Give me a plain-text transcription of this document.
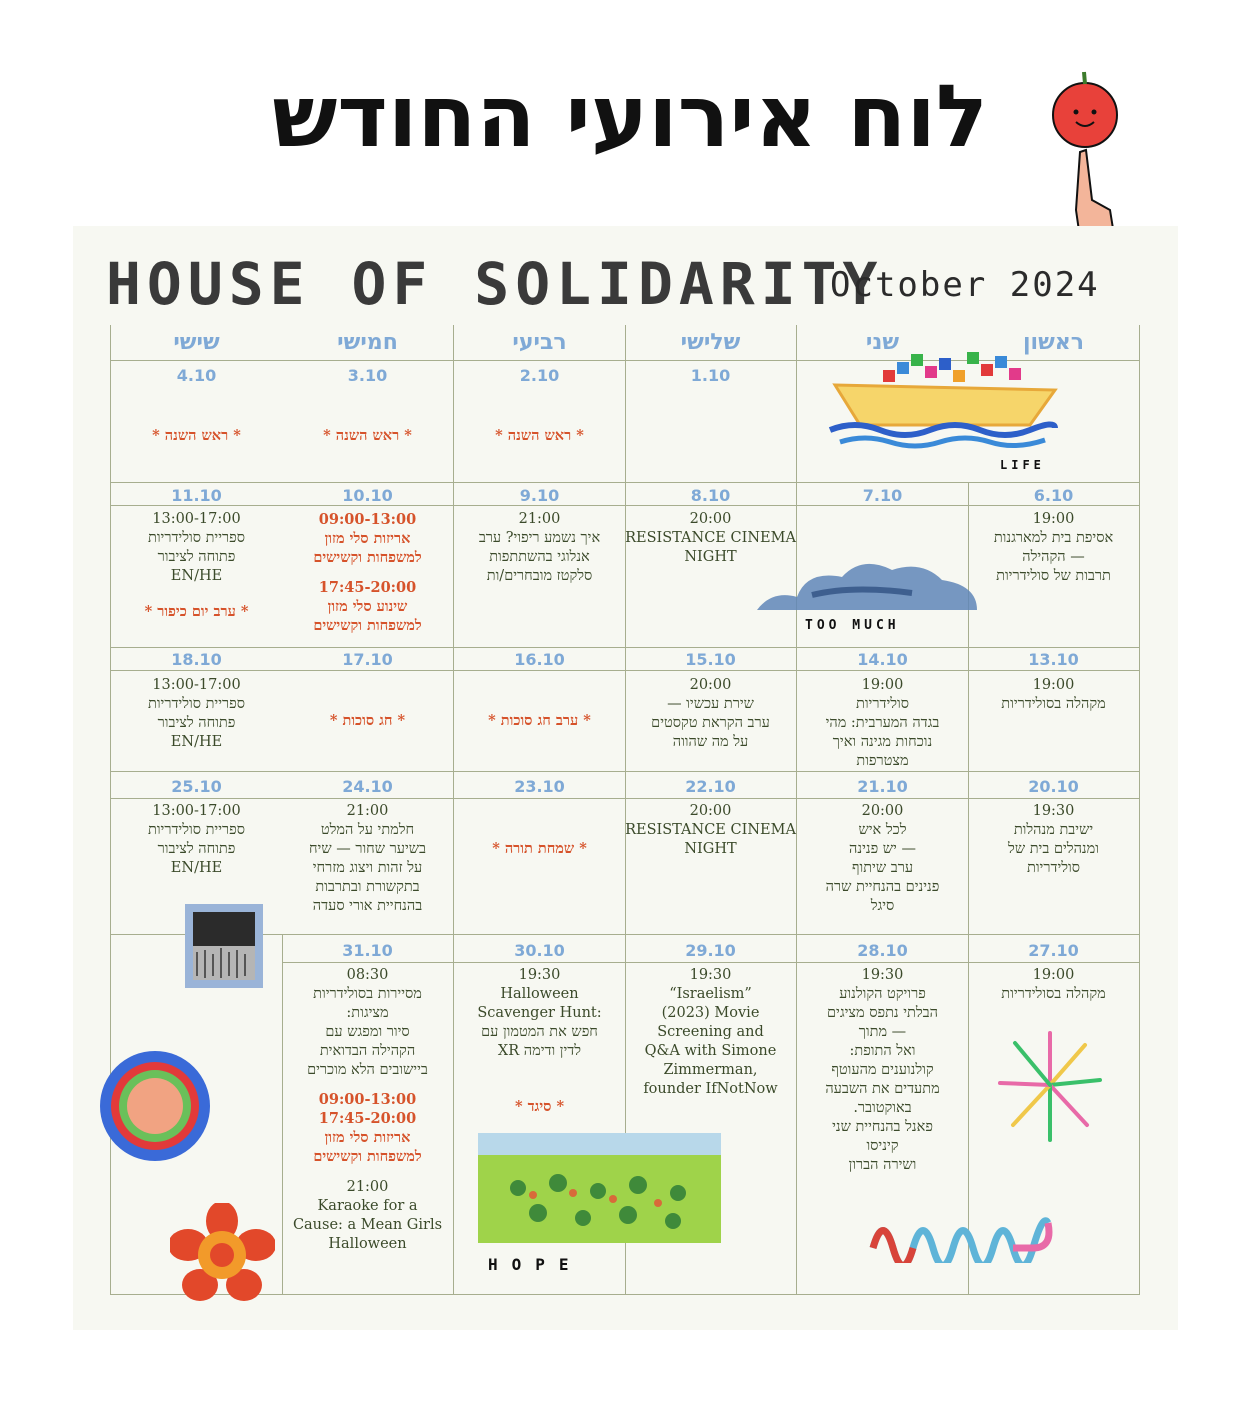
לוח אירועי החודש
HOUSE OF SOLIDARITY
October 2024
ראשון
שני
שלישי
רביעי
חמישי
שישי
1.10
2.10
3.10
4.10
* ראש השנה *
* ראש השנה *
* ראש השנה *
LIFE
6.10
7.10
8.10
9.10
10.10
11.10
19:00
אסיפת בית למארגנות
— הקהילה
תרבות של סולידריות
20:00
RESISTANCE CINEMA
NIGHT
21:00
איך נשמע ריפוי? ערב
אנלוגי בהשתתפות
סלקטז מובחרים/ות
09:00-13:00
אריזות סלי מזון
למשפחות וקשישים
17:45-20:00
שינוע סלי מזון
למשפחות וקשישים
13:00-17:00
ספריית סולידריות
פתוחה לציבור
EN/HE
* ערב יום כיפור *
TOO MUCH
13.10
14.10
15.10
16.10
17.10
18.10
19:00
מקהלה בסולידריות
19:00
סולידריות
בגדה המערבית: מהי
נוכחות מגינה ואיך
מצטרפות
20:00
שירת עכשיו —
ערב הקראת טקסטים
על מה שהווה
* ערב חג סוכות *
* חג סוכות *
13:00-17:00
ספריית סולידריות
פתוחה לציבור
EN/HE
20.10
21.10
22.10
23.10
24.10
25.10
19:30
ישיבת מנהלות
ומנהלים בית של
סולידריות
20:00
לכל איש
— יש פנינה
ערב שיתוף
פנינים בהנחיית שרה
סיגל
20:00
RESISTANCE CINEMA
NIGHT
* שמחת תורה *
21:00
חלמתי על המלט
בשיער שחור — שיח
על זהות ויצוג מזרחי
בתקשורת ובתרבות
בהנחיית אורי סעדה
13:00-17:00
ספריית סולידריות
פתוחה לציבור
EN/HE
27.10
28.10
29.10
30.10
31.10
19:00
מקהלה בסולידריות
19:30
פרויקט הקולנוע
הבלתי נתפס מציגים
— מתוך
ואל התופת:
קולנוענים מהעוטף
מתעדים את השבעה
באוקטובר.
פאנל בהנחיית שני
קיניסו
ושירה הברון
19:30
“Israelism”
(2023) Movie
Screening and
Q&A with Simone
Zimmerman,
founder IfNotNow
19:30
Halloween
Scavenger Hunt:
חפש את המטמון עם
לדין ודימה XR
* סיגד *
08:30
מסיירות בסולידריות
מציגות:
סיור ומפגש עם
הקהילה הבדואית
ביישובים הלא מוכרים
09:00-13:00
17:45-20:00
אריזות סלי מזון
למשפחות וקשישים
21:00
Karaoke for a
Cause: a Mean Girls
Halloween
HOPE
